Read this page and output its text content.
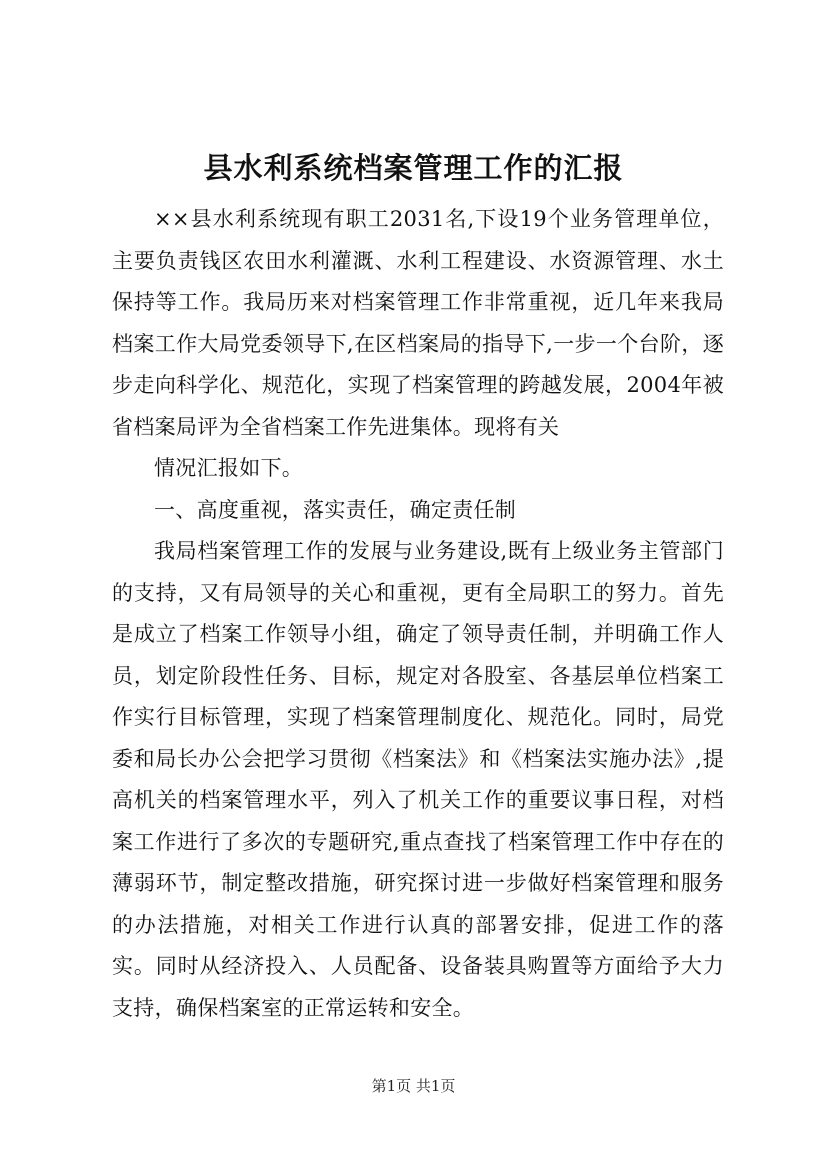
县水利系统档案管理工作的汇报

××县水利系统现有职工2031名,下设19个业务管理单位，主要负责钱区农田水利灌溉、水利工程建设、水资源管理、水土保持等工作。我局历来对档案管理工作非常重视，近几年来我局档案工作大局党委领导下,在区档案局的指导下,一步一个台阶，逐步走向科学化、规范化，实现了档案管理的跨越发展，2004年被省档案局评为全省档案工作先进集体。现将有关

情况汇报如下。

一、高度重视，落实责任，确定责任制

我局档案管理工作的发展与业务建设,既有上级业务主管部门的支持，又有局领导的关心和重视，更有全局职工的努力。首先是成立了档案工作领导小组，确定了领导责任制，并明确工作人员，划定阶段性任务、目标，规定对各股室、各基层单位档案工作实行目标管理，实现了档案管理制度化、规范化。同时，局党委和局长办公会把学习贯彻《档案法》和《档案法实施办法》,提高机关的档案管理水平，列入了机关工作的重要议事日程，对档案工作进行了多次的专题研究,重点查找了档案管理工作中存在的薄弱环节，制定整改措施，研究探讨进一步做好档案管理和服务的办法措施，对相关工作进行认真的部署安排，促进工作的落实。同时从经济投入、人员配备、设备装具购置等方面给予大力支持，确保档案室的正常运转和安全。

第1页 共1页
